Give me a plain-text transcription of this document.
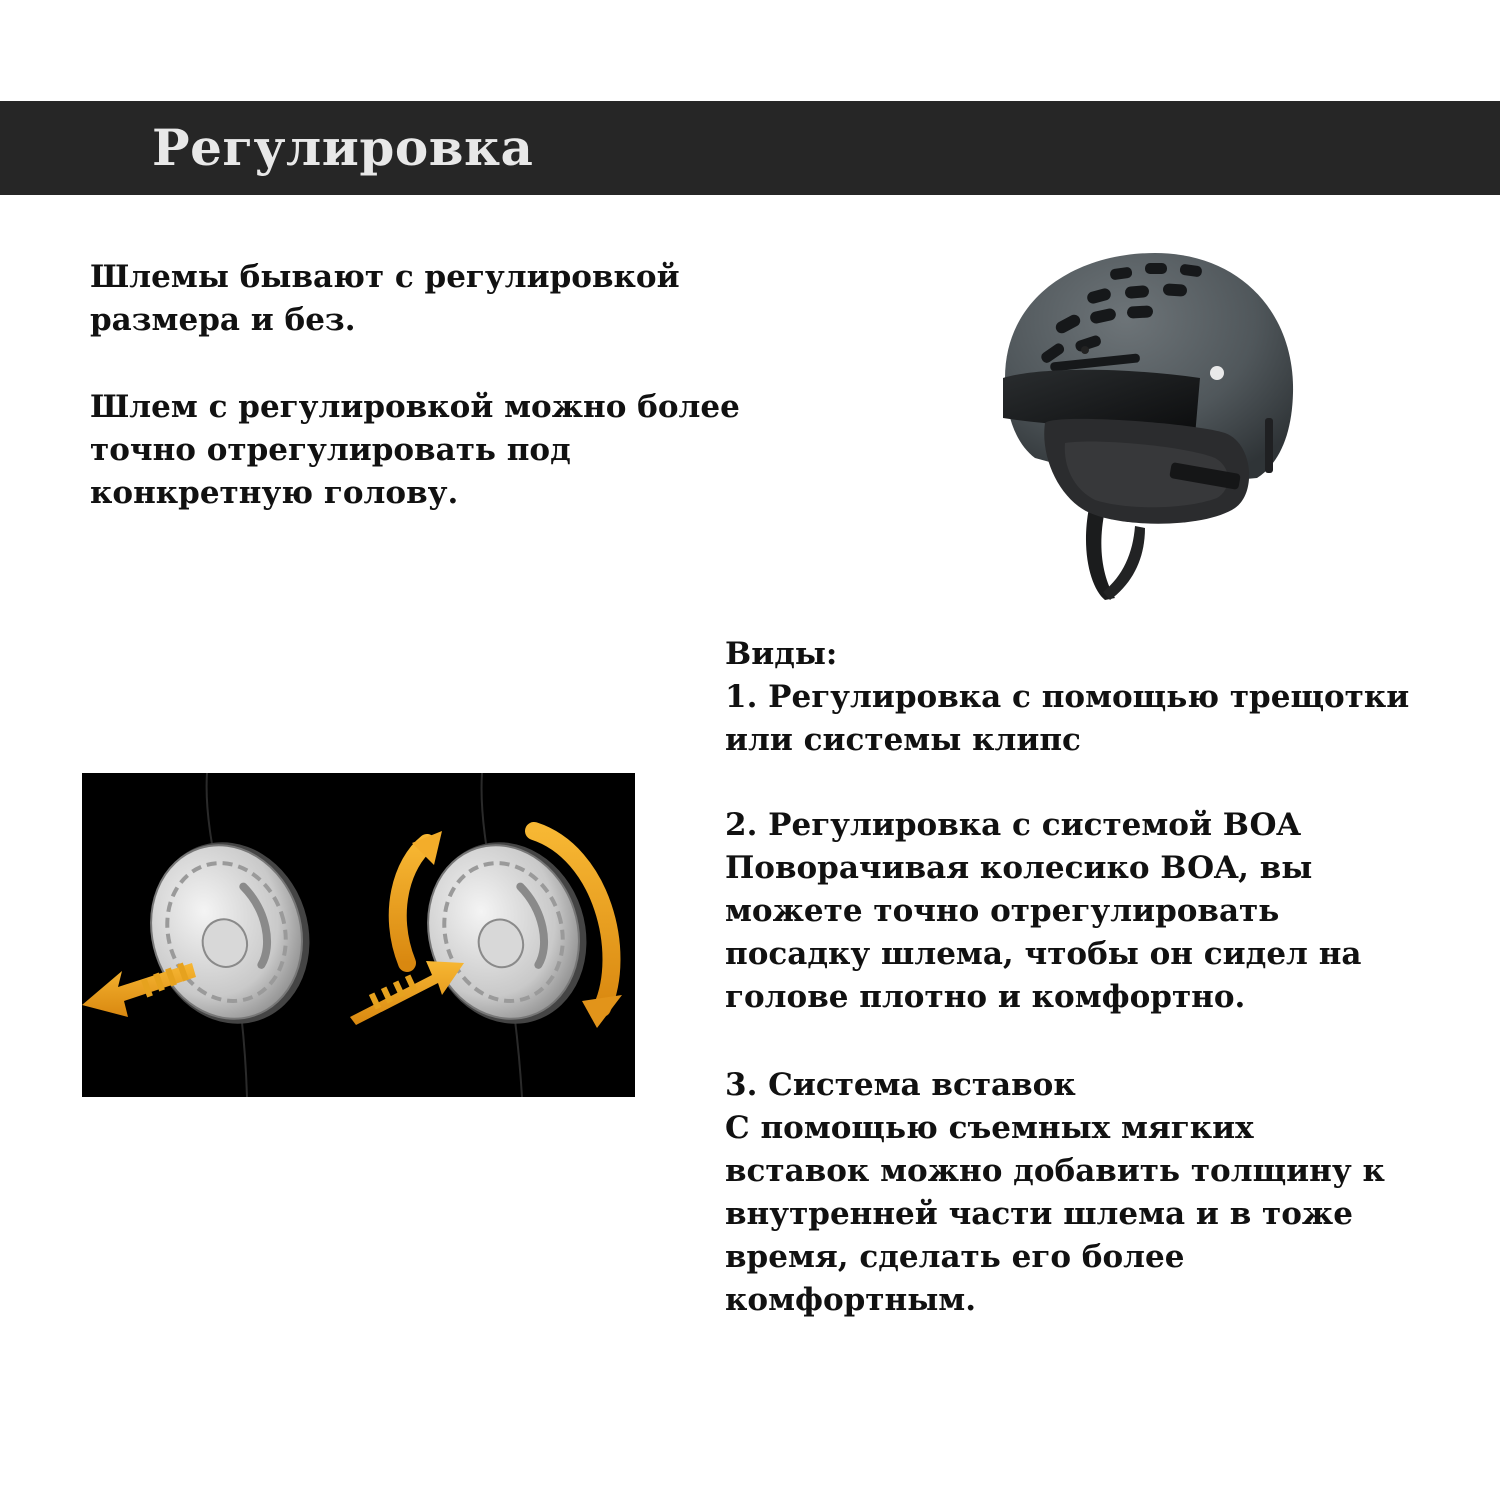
Регулировка

Шлемы бывают с регулировкой
размера и без.

Шлем с регулировкой можно более
точно отрегулировать под
конкретную голову.

Виды:
1. Регулировка с помощью трещотки
или системы клипс

2. Регулировка с системой BOA
Поворачивая колесико BOA, вы
можете точно отрегулировать
посадку шлема, чтобы он сидел на
голове плотно и комфортно.

3. Система вставок
С помощью съемных мягких
вставок можно добавить толщину к
внутренней части шлема и в тоже
время, сделать его более
комфортным.
